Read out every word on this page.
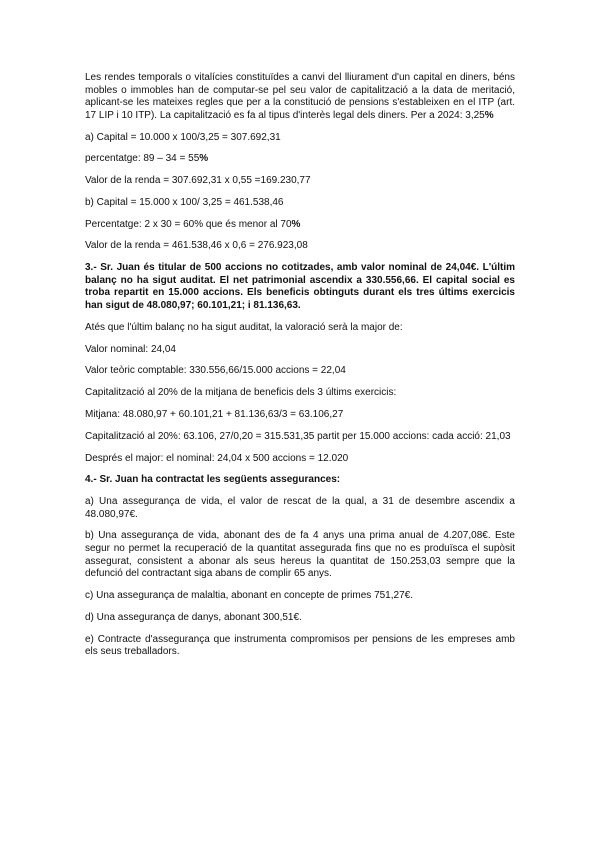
Les rendes temporals o vitalícies constituïdes a canvi del lliurament d'un capital en diners, béns mobles o immobles han de computar-se pel seu valor de capitalització a la data de meritació, aplicant-se les mateixes regles que per a la constitució de pensions s'estableixen en el ITP (art. 17 LIP i 10 ITP). La capitalització es fa al tipus d'interès legal dels diners. Per a 2024: 3,25%

a) Capital = 10.000 x 100/3,25 = 307.692,31

percentatge: 89 – 34 = 55%

Valor de la renda = 307.692,31 x 0,55 =169.230,77

b) Capital = 15.000 x 100/ 3,25 = 461.538,46

Percentatge: 2 x 30 = 60% que és menor al 70%

Valor de la renda = 461.538,46 x 0,6 = 276.923,08

3.- Sr. Juan és titular de 500 accions no cotitzades, amb valor nominal de 24,04€. L'últim balanç no ha sigut auditat. El net patrimonial ascendix a 330.556,66. El capital social es troba repartit en 15.000 accions. Els beneficis obtinguts durant els tres últims exercicis han sigut de 48.080,97; 60.101,21; i 81.136,63.

Atés que l'últim balanç no ha sigut auditat, la valoració serà la major de:

Valor nominal: 24,04

Valor teòric comptable: 330.556,66/15.000 accions = 22,04

Capitalització al 20% de la mitjana de beneficis dels 3 últims exercicis:

Mitjana: 48.080,97 + 60.101,21 + 81.136,63/3 = 63.106,27

Capitalització al 20%: 63.106, 27/0,20 = 315.531,35 partit per 15.000 accions: cada acció: 21,03

Després el major: el nominal: 24,04 x 500 accions = 12.020

4.- Sr. Juan ha contractat les següents assegurances:

a) Una assegurança de vida, el valor de rescat de la qual, a 31 de desembre ascendix a 48.080,97€.

b) Una assegurança de vida, abonant des de fa 4 anys una prima anual de 4.207,08€. Este segur no permet la recuperació de la quantitat assegurada fins que no es produïsca el supòsit assegurat, consistent a abonar als seus hereus la quantitat de 150.253,03 sempre que la defunció del contractant siga abans de complir 65 anys.

c) Una assegurança de malaltia, abonant en concepte de primes 751,27€.

d) Una assegurança de danys, abonant 300,51€.

e) Contracte d'assegurança que instrumenta compromisos per pensions de les empreses amb els seus treballadors.
